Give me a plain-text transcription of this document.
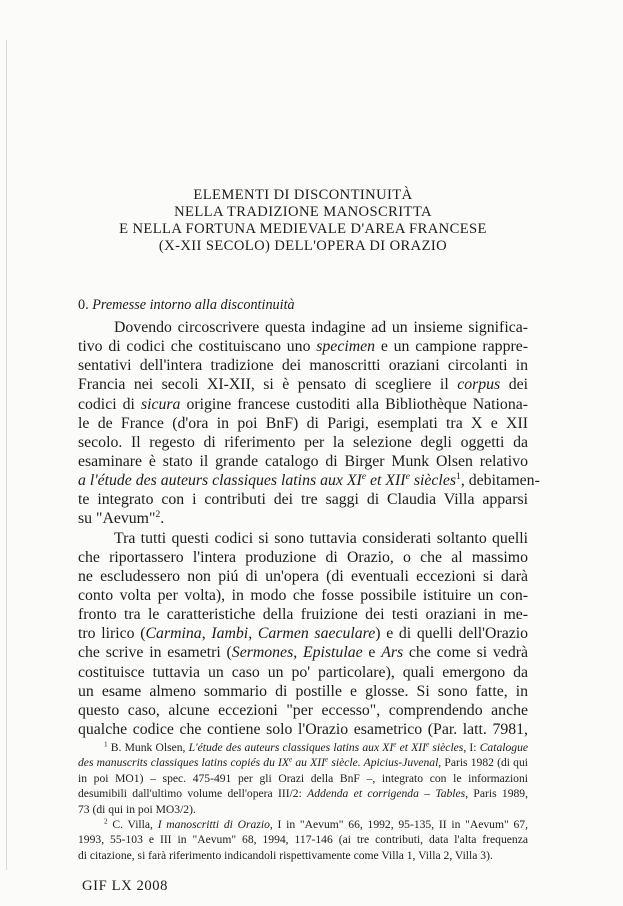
ELEMENTI DI DISCONTINUITÀ
NELLA TRADIZIONE MANOSCRITTA
E NELLA FORTUNA MEDIEVALE D'AREA FRANCESE
(X-XII SECOLO) DELL'OPERA DI ORAZIO
0. Premesse intorno alla discontinuità
Dovendo circoscrivere questa indagine ad un insieme significa-
tivo di codici che costituiscano uno specimen e un campione rappre-
sentativi dell'intera tradizione dei manoscritti oraziani circolanti in
Francia nei secoli XI-XII, si è pensato di scegliere il corpus dei
codici di sicura origine francese custoditi alla Bibliothèque Nationa-
le de France (d'ora in poi BnF) di Parigi, esemplati tra X e XII
secolo. Il regesto di riferimento per la selezione degli oggetti da
esaminare è stato il grande catalogo di Birger Munk Olsen relativo
a l'étude des auteurs classiques latins aux XIe et XIIe siècles$^1$, debitamen-
te integrato con i contributi dei tre saggi di Claudia Villa apparsi
su "Aevum"$^2$.
Tra tutti questi codici si sono tuttavia considerati soltanto quelli
che riportassero l'intera produzione di Orazio, o che al massimo
ne escludessero non piú di un'opera (di eventuali eccezioni si darà
conto volta per volta), in modo che fosse possibile istituire un con-
fronto tra le caratteristiche della fruizione dei testi oraziani in me-
tro lirico (Carmina, Iambi, Carmen saeculare) e di quelli dell'Orazio
che scrive in esametri (Sermones, Epistulae e Ars che come si vedrà
costituisce tuttavia un caso un po' particolare), quali emergono da
un esame almeno sommario di postille e glosse. Si sono fatte, in
questo caso, alcune eccezioni "per eccesso", comprendendo anche
qualche codice che contiene solo l'Orazio esametrico (Par. latt. 7981,
$^1$ B. Munk Olsen, L'étude des auteurs classiques latins aux XIe et XIIe siècles, I: Catalogue
des manuscrits classiques latins copiés du IXe au XIIe siècle. Apicius-Juvenal, Paris 1982 (di qui
in poi MO1) – spec. 475-491 per gli Orazi della BnF –, integrato con le informazioni
desumibili dall'ultimo volume dell'opera III/2: Addenda et corrigenda – Tables, Paris 1989,
73 (di qui in poi MO3/2).
$^2$ C. Villa, I manoscritti di Orazio, I in "Aevum" 66, 1992, 95-135, II in "Aevum" 67,
1993, 55-103 e III in "Aevum" 68, 1994, 117-146 (ai tre contributi, data l'alta frequenza
di citazione, si farà riferimento indicandoli rispettivamente come Villa 1, Villa 2, Villa 3).
GIF LX 2008
